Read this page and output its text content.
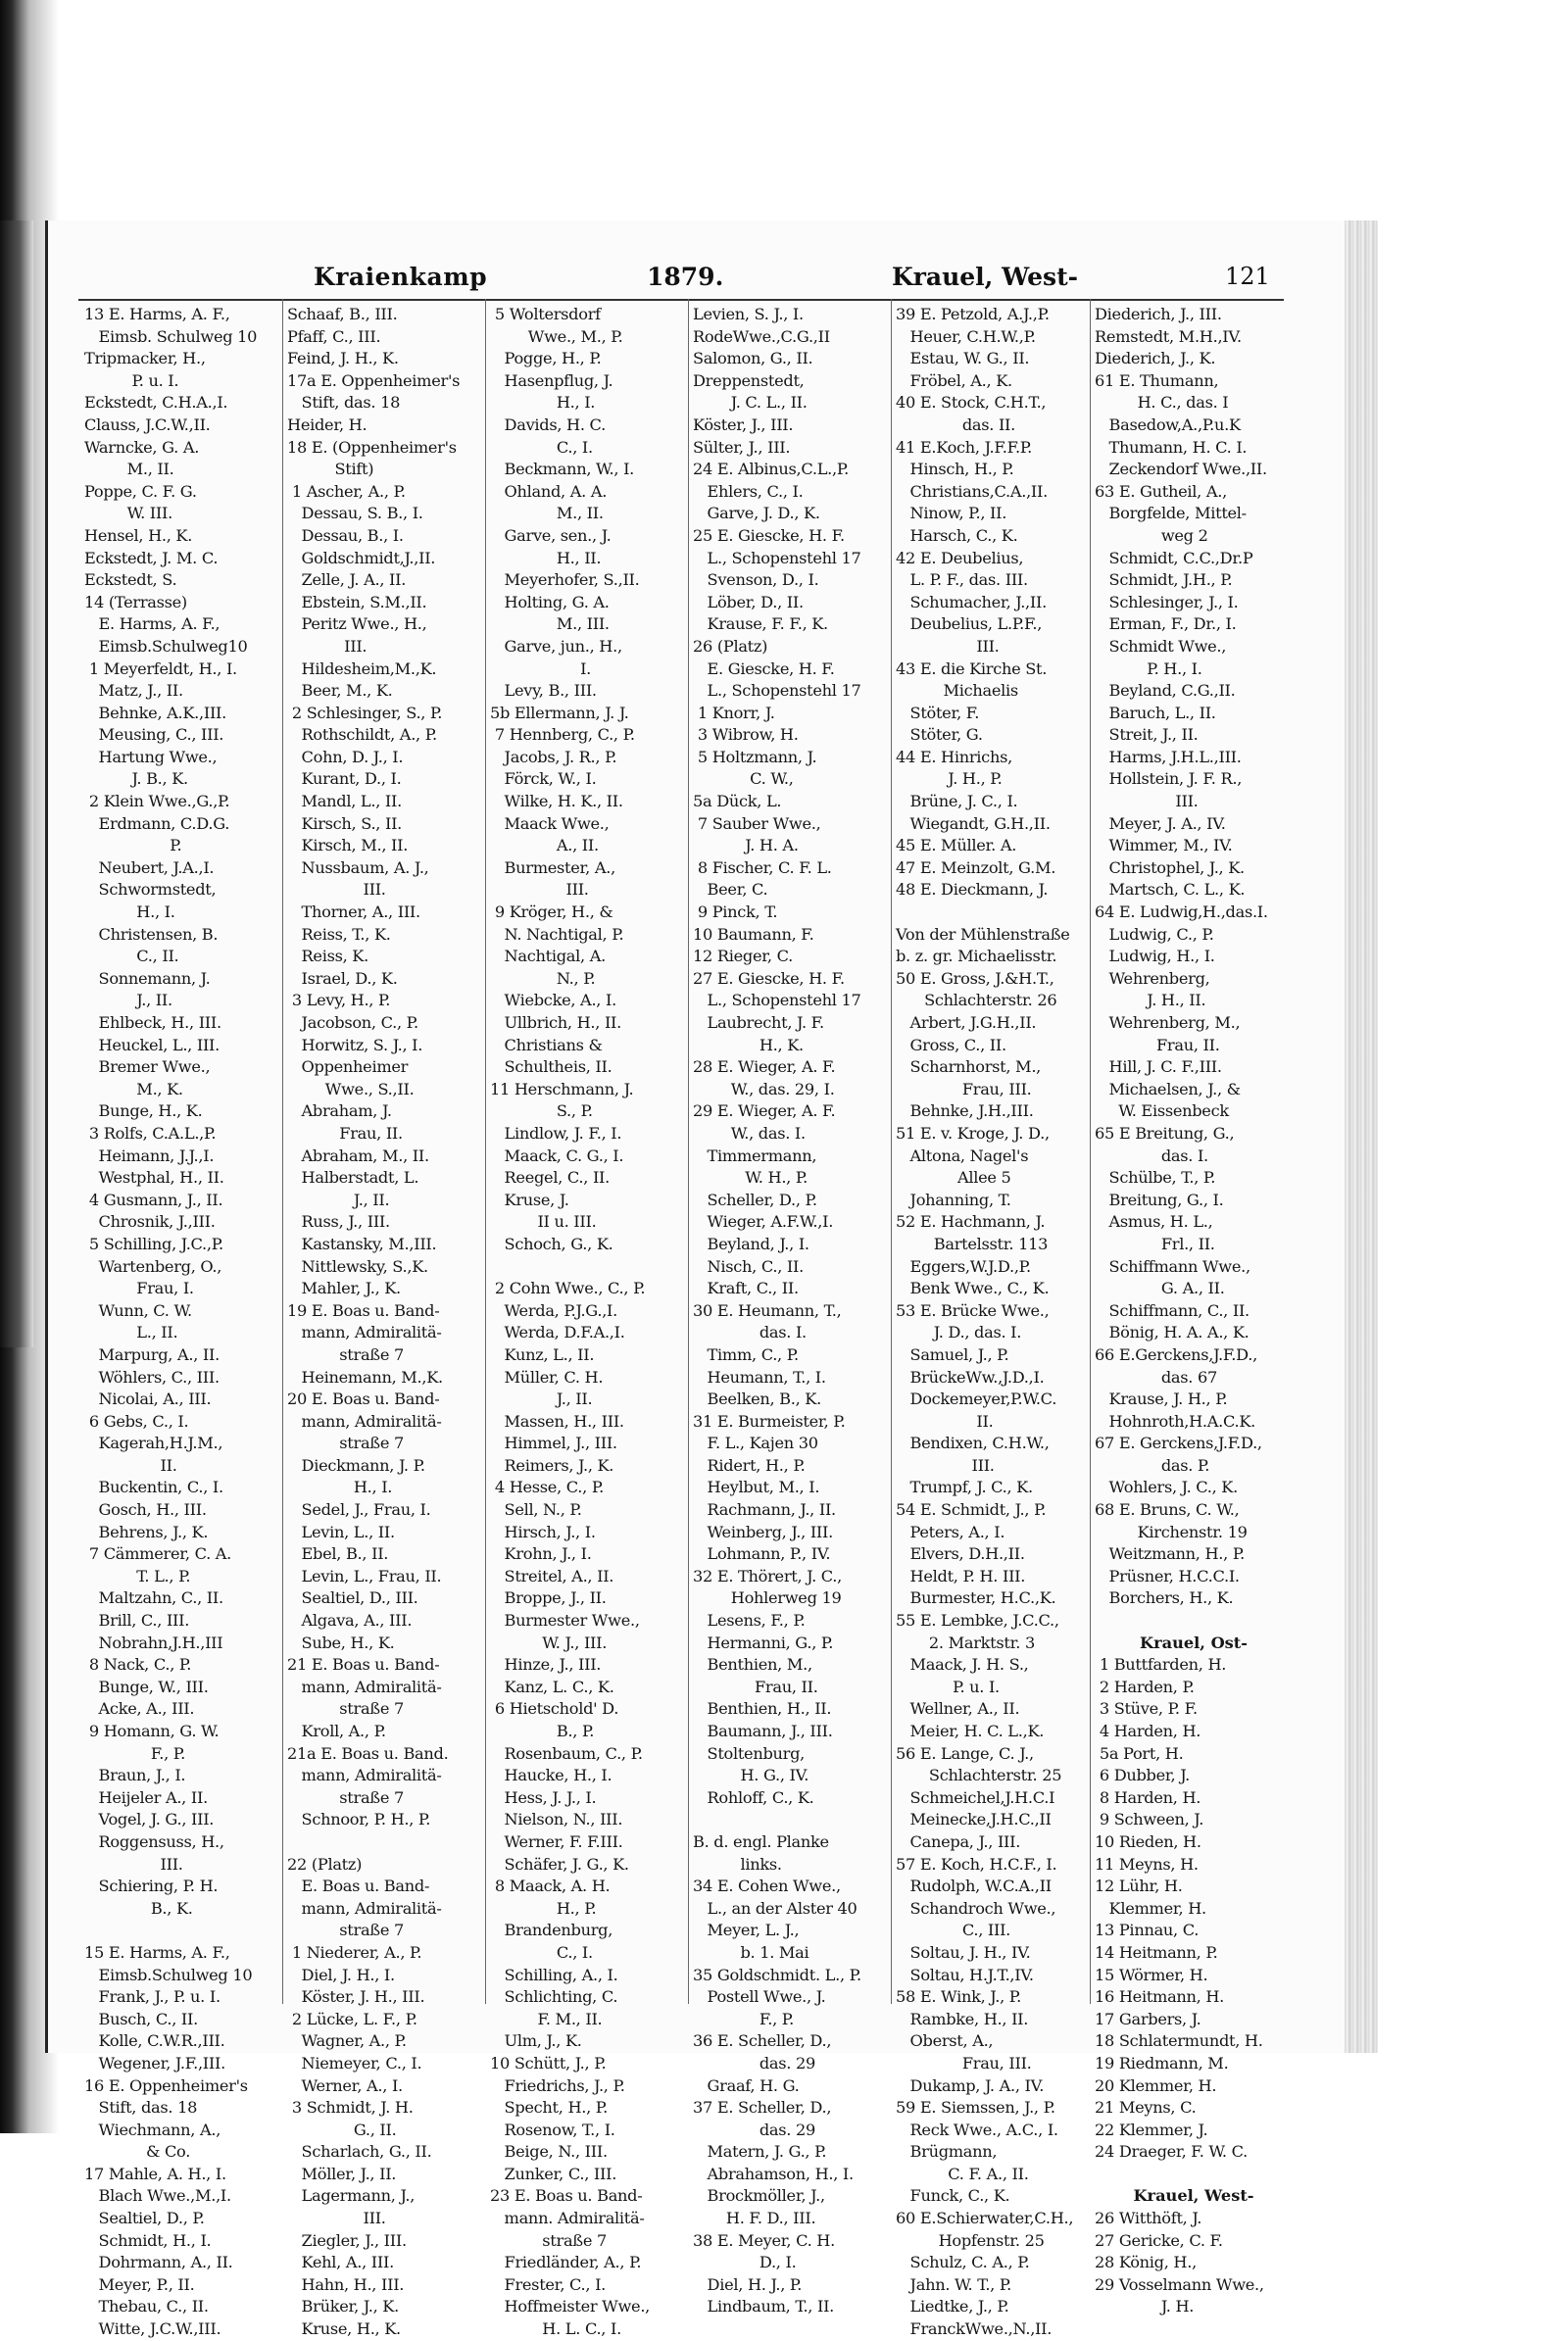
Kraienkamp	1879.	Krauel, West-	121
13 E. Harms, A. F.,
Eimsb. Schulweg 10
Tripmacker, H.,
P. u. I.
Eckstedt, C.H.A.,I.
Clauss, J.C.W.,II.
Warncke, G. A.
M., II.
Poppe, C. F. G.
W. III.
Hensel, H., K.
Eckstedt, J. M. C.
Eckstedt, S.
14 (Terrasse)
E. Harms, A. F.,
Eimsb.Schulweg10
1 Meyerfeldt, H., I.
Matz, J., II.
Behnke, A.K.,III.
Meusing, C., III.
Hartung Wwe.,
J. B., K.
2 Klein Wwe.,G.,P.
Erdmann, C.D.G.
P.
Neubert, J.A.,I.
Schwormstedt,
H., I.
Christensen, B.
C., II.
Sonnemann, J.
J., II.
Ehlbeck, H., III.
Heuckel, L., III.
Bremer Wwe.,
M., K.
Bunge, H., K.
3 Rolfs, C.A.L.,P.
Heimann, J.J.,I.
Westphal, H., II.
4 Gusmann, J., II.
Chrosnik, J.,III.
5 Schilling, J.C.,P.
Wartenberg, O.,
Frau, I.
Wunn, C. W.
L., II.
Marpurg, A., II.
Wöhlers, C., III.
Nicolai, A., III.
6 Gebs, C., I.
Kagerah,H.J.M.,
II.
Buckentin, C., I.
Gosch, H., III.
Behrens, J., K.
7 Cämmerer, C. A.
T. L., P.
Maltzahn, C., II.
Brill, C., III.
Nobrahn,J.H.,III
8 Nack, C., P.
Bunge, W., III.
Acke, A., III.
9 Homann, G. W.
F., P.
Braun, J., I.
Heijeler A., II.
Vogel, J. G., III.
Roggensuss, H.,
III.
Schiering, P. H.
B., K.
15 E. Harms, A. F.,
Eimsb.Schulweg 10
Frank, J., P. u. I.
Busch, C., II.
Kolle, C.W.R.,III.
Wegener, J.F.,III.
16 E. Oppenheimer's
Stift, das. 18
Wiechmann, A.,
& Co.
17 Mahle, A. H., I.
Blach Wwe.,M.,I.
Sealtiel, D., P.
Schmidt, H., I.
Dohrmann, A., II.
Meyer, P., II.
Thebau, C., II.
Witte, J.C.W.,III.
Schaaf, B., III.
Pfaff, C., III.
Feind, J. H., K.
17a E. Oppenheimer's
Stift, das. 18
Heider, H.
18 E. (Oppenheimer's
Stift)
1 Ascher, A., P.
Dessau, S. B., I.
Dessau, B., I.
Goldschmidt,J.,II.
Zelle, J. A., II.
Ebstein, S.M.,II.
Peritz Wwe., H.,
III.
Hildesheim,M.,K.
Beer, M., K.
2 Schlesinger, S., P.
Rothschildt, A., P.
Cohn, D. J., I.
Kurant, D., I.
Mandl, L., II.
Kirsch, S., II.
Kirsch, M., II.
Nussbaum, A. J.,
III.
Thorner, A., III.
Reiss, T., K.
Reiss, K.
Israel, D., K.
3 Levy, H., P.
Jacobson, C., P.
Horwitz, S. J., I.
Oppenheimer
Wwe., S.,II.
Abraham, J.
Frau, II.
Abraham, M., II.
Halberstadt, L.
J., II.
Russ, J., III.
Kastansky, M.,III.
Nittlewsky, S.,K.
Mahler, J., K.
19 E. Boas u. Band-
mann, Admiralitä-
straße 7
Heinemann, M.,K.
20 E. Boas u. Band-
mann, Admiralitä-
straße 7
Dieckmann, J. P.
H., I.
Sedel, J., Frau, I.
Levin, L., II.
Ebel, B., II.
Levin, L., Frau, II.
Sealtiel, D., III.
Algava, A., III.
Sube, H., K.
21 E. Boas u. Band-
mann, Admiralitä-
straße 7
Kroll, A., P.
21a E. Boas u. Band.
mann, Admiralitä-
straße 7
Schnoor, P. H., P.
22 (Platz)
E. Boas u. Band-
mann, Admiralitä-
straße 7
1 Niederer, A., P.
Diel, J. H., I.
Köster, J. H., III.
2 Lücke, L. F., P.
Wagner, A., P.
Niemeyer, C., I.
Werner, A., I.
3 Schmidt, J. H.
G., II.
Scharlach, G., II.
Möller, J., II.
Lagermann, J.,
III.
Ziegler, J., III.
Kehl, A., III.
Hahn, H., III.
Brüker, J., K.
Kruse, H., K.
5 Woltersdorf
Wwe., M., P.
Pogge, H., P.
Hasenpflug, J.
H., I.
Davids, H. C.
C., I.
Beckmann, W., I.
Ohland, A. A.
M., II.
Garve, sen., J.
H., II.
Meyerhofer, S.,II.
Holting, G. A.
M., III.
Garve, jun., H.,
I.
Levy, B., III.
5b Ellermann, J. J.
7 Hennberg, C., P.
Jacobs, J. R., P.
Förck, W., I.
Wilke, H. K., II.
Maack Wwe.,
A., II.
Burmester, A.,
III.
9 Kröger, H., &
N. Nachtigal, P.
Nachtigal, A.
N., P.
Wiebcke, A., I.
Ullbrich, H., II.
Christians &
Schultheis, II.
11 Herschmann, J.
S., P.
Lindlow, J. F., I.
Maack, C. G., I.
Reegel, C., II.
Kruse, J.
II u. III.
Schoch, G., K.
2 Cohn Wwe., C., P.
Werda, P.J.G.,I.
Werda, D.F.A.,I.
Kunz, L., II.
Müller, C. H.
J., II.
Massen, H., III.
Himmel, J., III.
Reimers, J., K.
4 Hesse, C., P.
Sell, N., P.
Hirsch, J., I.
Krohn, J., I.
Streitel, A., II.
Broppe, J., II.
Burmester Wwe.,
W. J., III.
Hinze, J., III.
Kanz, L. C., K.
6 Hietschold' D.
B., P.
Rosenbaum, C., P.
Haucke, H., I.
Hess, J. J., I.
Nielson, N., III.
Werner, F. F.III.
Schäfer, J. G., K.
8 Maack, A. H.
H., P.
Brandenburg,
C., I.
Schilling, A., I.
Schlichting, C.
F. M., II.
Ulm, J., K.
10 Schütt, J., P.
Friedrichs, J., P.
Specht, H., P.
Rosenow, T., I.
Beige, N., III.
Zunker, C., III.
23 E. Boas u. Band-
mann. Admiralitä-
straße 7
Friedländer, A., P.
Frester, C., I.
Hoffmeister Wwe.,
H. L. C., I.
Levien, S. J., I.
RodeWwe.,C.G.,II
Salomon, G., II.
Dreppenstedt,
J. C. L., II.
Köster, J., III.
Sülter, J., III.
24 E. Albinus,C.L.,P.
Ehlers, C., I.
Garve, J. D., K.
25 E. Giescke, H. F.
L., Schopenstehl 17
Svenson, D., I.
Löber, D., II.
Krause, F. F., K.
26 (Platz)
E. Giescke, H. F.
L., Schopenstehl 17
1 Knorr, J.
3 Wibrow, H.
5 Holtzmann, J.
C. W.,
5a Dück, L.
7 Sauber Wwe.,
J. H. A.
8 Fischer, C. F. L.
Beer, C.
9 Pinck, T.
10 Baumann, F.
12 Rieger, C.
27 E. Giescke, H. F.
L., Schopenstehl 17
Laubrecht, J. F.
H., K.
28 E. Wieger, A. F.
W., das. 29, I.
29 E. Wieger, A. F.
W., das. I.
Timmermann,
W. H., P.
Scheller, D., P.
Wieger, A.F.W.,I.
Beyland, J., I.
Nisch, C., II.
Kraft, C., II.
30 E. Heumann, T.,
das. I.
Timm, C., P.
Heumann, T., I.
Beelken, B., K.
31 E. Burmeister, P.
F. L., Kajen 30
Ridert, H., P.
Heylbut, M., I.
Rachmann, J., II.
Weinberg, J., III.
Lohmann, P., IV.
32 E. Thörert, J. C.,
Hohlerweg 19
Lesens, F., P.
Hermanni, G., P.
Benthien, M.,
Frau, II.
Benthien, H., II.
Baumann, J., III.
Stoltenburg,
H. G., IV.
Rohloff, C., K.
B. d. engl. Planke
links.
34 E. Cohen Wwe.,
L., an der Alster 40
Meyer, L. J.,
b. 1. Mai
35 Goldschmidt. L., P.
Postell Wwe., J.
F., P.
36 E. Scheller, D.,
das. 29
Graaf, H. G.
37 E. Scheller, D.,
das. 29
Matern, J. G., P.
Abrahamson, H., I.
Brockmöller, J.,
H. F. D., III.
38 E. Meyer, C. H.
D., I.
Diel, H. J., P.
Lindbaum, T., II.
39 E. Petzold, A.J.,P.
Heuer, C.H.W.,P.
Estau, W. G., II.
Fröbel, A., K.
40 E. Stock, C.H.T.,
das. II.
41 E.Koch, J.F.F.P.
Hinsch, H., P.
Christians,C.A.,II.
Ninow, P., II.
Harsch, C., K.
42 E. Deubelius,
L. P. F., das. III.
Schumacher, J.,II.
Deubelius, L.P.F.,
III.
43 E. die Kirche St.
Michaelis
Stöter, F.
Stöter, G.
44 E. Hinrichs,
J. H., P.
Brüne, J. C., I.
Wiegandt, G.H.,II.
45 E. Müller. A.
47 E. Meinzolt, G.M.
48 E. Dieckmann, J.
Von der Mühlenstraße
b. z. gr. Michaelisstr.
50 E. Gross, J.&H.T.,
Schlachterstr. 26
Arbert, J.G.H.,II.
Gross, C., II.
Scharnhorst, M.,
Frau, III.
Behnke, J.H.,III.
51 E. v. Kroge, J. D.,
Altona, Nagel's
Allee 5
Johanning, T.
52 E. Hachmann, J.
Bartelsstr. 113
Eggers,W.J.D.,P.
Benk Wwe., C., K.
53 E. Brücke Wwe.,
J. D., das. I.
Samuel, J., P.
BrückeWw.,J.D.,I.
Dockemeyer,P.W.C.
II.
Bendixen, C.H.W.,
III.
Trumpf, J. C., K.
54 E. Schmidt, J., P.
Peters, A., I.
Elvers, D.H.,II.
Heldt, P. H. III.
Burmester, H.C.,K.
55 E. Lembke, J.C.C.,
2. Marktstr. 3
Maack, J. H. S.,
P. u. I.
Wellner, A., II.
Meier, H. C. L.,K.
56 E. Lange, C. J.,
Schlachterstr. 25
Schmeichel,J.H.C.I
Meinecke,J.H.C.,II
Canepa, J., III.
57 E. Koch, H.C.F., I.
Rudolph, W.C.A.,II
Schandroch Wwe.,
C., III.
Soltau, J. H., IV.
Soltau, H.J.T.,IV.
58 E. Wink, J., P.
Rambke, H., II.
Oberst, A.,
Frau, III.
Dukamp, J. A., IV.
59 E. Siemssen, J., P.
Reck Wwe., A.C., I.
Brügmann,
C. F. A., II.
Funck, C., K.
60 E.Schierwater,C.H.,
Hopfenstr. 25
Schulz, C. A., P.
Jahn. W. T., P.
Liedtke, J., P.
FranckWwe.,N.,II.
Diederich, J., III.
Remstedt, M.H.,IV.
Diederich, J., K.
61 E. Thumann,
H. C., das. I
Basedow,A.,P.u.K
Thumann, H. C. I.
Zeckendorf Wwe.,II.
63 E. Gutheil, A.,
Borgfelde, Mittel-
weg 2
Schmidt, C.C.,Dr.P
Schmidt, J.H., P.
Schlesinger, J., I.
Erman, F., Dr., I.
Schmidt Wwe.,
P. H., I.
Beyland, C.G.,II.
Baruch, L., II.
Streit, J., II.
Harms, J.H.L.,III.
Hollstein, J. F. R.,
III.
Meyer, J. A., IV.
Wimmer, M., IV.
Christophel, J., K.
Martsch, C. L., K.
64 E. Ludwig,H.,das.I.
Ludwig, C., P.
Ludwig, H., I.
Wehrenberg,
J. H., II.
Wehrenberg, M.,
Frau, II.
Hill, J. C. F.,III.
Michaelsen, J., &
W. Eissenbeck
65 E Breitung, G.,
das. I.
Schülbe, T., P.
Breitung, G., I.
Asmus, H. L.,
Frl., II.
Schiffmann Wwe.,
G. A., II.
Schiffmann, C., II.
Bönig, H. A. A., K.
66 E.Gerckens,J.F.D.,
das. 67
Krause, J. H., P.
Hohnroth,H.A.C.K.
67 E. Gerckens,J.F.D.,
das. P.
Wohlers, J. C., K.
68 E. Bruns, C. W.,
Kirchenstr. 19
Weitzmann, H., P.
Prüsner, H.C.C.I.
Borchers, H., K.
Krauel, Ost-
1 Buttfarden, H.
2 Harden, P.
3 Stüve, P. F.
4 Harden, H.
5a Port, H.
6 Dubber, J.
8 Harden, H.
9 Schween, J.
10 Rieden, H.
11 Meyns, H.
12 Lühr, H.
Klemmer, H.
13 Pinnau, C.
14 Heitmann, P.
15 Wörmer, H.
16 Heitmann, H.
17 Garbers, J.
18 Schlatermundt, H.
19 Riedmann, M.
20 Klemmer, H.
21 Meyns, C.
22 Klemmer, J.
24 Draeger, F. W. C.
Krauel, West-
26 Witthöft, J.
27 Gericke, C. F.
28 König, H.,
29 Vosselmann Wwe.,
J. H.
